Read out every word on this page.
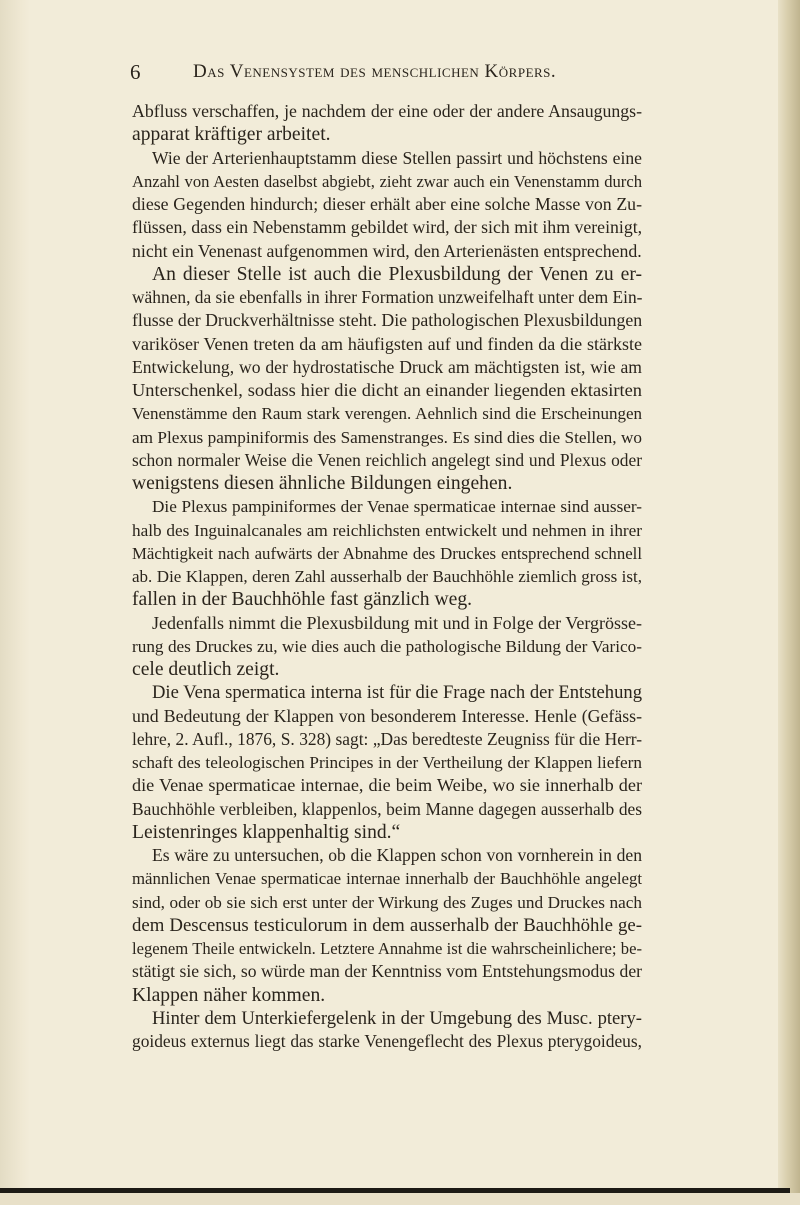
6	Das Venensystem des menschlichen Körpers.
Abfluss verschaffen, je nachdem der eine oder der andere Ansaugungs-
apparat kräftiger arbeitet.
Wie der Arterienhauptstamm diese Stellen passirt und höchstens eine
Anzahl von Aesten daselbst abgiebt, zieht zwar auch ein Venenstamm durch
diese Gegenden hindurch; dieser erhält aber eine solche Masse von Zu-
flüssen, dass ein Nebenstamm gebildet wird, der sich mit ihm vereinigt,
nicht ein Venenast aufgenommen wird, den Arterienästen entsprechend.
An dieser Stelle ist auch die Plexusbildung der Venen zu er-
wähnen, da sie ebenfalls in ihrer Formation unzweifelhaft unter dem Ein-
flusse der Druckverhältnisse steht. Die pathologischen Plexusbildungen
variköser Venen treten da am häufigsten auf und finden da die stärkste
Entwickelung, wo der hydrostatische Druck am mächtigsten ist, wie am
Unterschenkel, sodass hier die dicht an einander liegenden ektasirten
Venenstämme den Raum stark verengen. Aehnlich sind die Erscheinungen
am Plexus pampiniformis des Samenstranges. Es sind dies die Stellen, wo
schon normaler Weise die Venen reichlich angelegt sind und Plexus oder
wenigstens diesen ähnliche Bildungen eingehen.
Die Plexus pampiniformes der Venae spermaticae internae sind ausser-
halb des Inguinalcanales am reichlichsten entwickelt und nehmen in ihrer
Mächtigkeit nach aufwärts der Abnahme des Druckes entsprechend schnell
ab. Die Klappen, deren Zahl ausserhalb der Bauchhöhle ziemlich gross ist,
fallen in der Bauchhöhle fast gänzlich weg.
Jedenfalls nimmt die Plexusbildung mit und in Folge der Vergrösse-
rung des Druckes zu, wie dies auch die pathologische Bildung der Varico-
cele deutlich zeigt.
Die Vena spermatica interna ist für die Frage nach der Entstehung
und Bedeutung der Klappen von besonderem Interesse. Henle (Gefäss-
lehre, 2. Aufl., 1876, S. 328) sagt: „Das beredteste Zeugniss für die Herr-
schaft des teleologischen Principes in der Vertheilung der Klappen liefern
die Venae spermaticae internae, die beim Weibe, wo sie innerhalb der
Bauchhöhle verbleiben, klappenlos, beim Manne dagegen ausserhalb des
Leistenringes klappenhaltig sind.“
Es wäre zu untersuchen, ob die Klappen schon von vornherein in den
männlichen Venae spermaticae internae innerhalb der Bauchhöhle angelegt
sind, oder ob sie sich erst unter der Wirkung des Zuges und Druckes nach
dem Descensus testiculorum in dem ausserhalb der Bauchhöhle ge-
legenem Theile entwickeln. Letztere Annahme ist die wahrscheinlichere; be-
stätigt sie sich, so würde man der Kenntniss vom Entstehungsmodus der
Klappen näher kommen.
Hinter dem Unterkiefergelenk in der Umgebung des Musc. ptery-
goideus externus liegt das starke Venengeflecht des Plexus pterygoideus,
